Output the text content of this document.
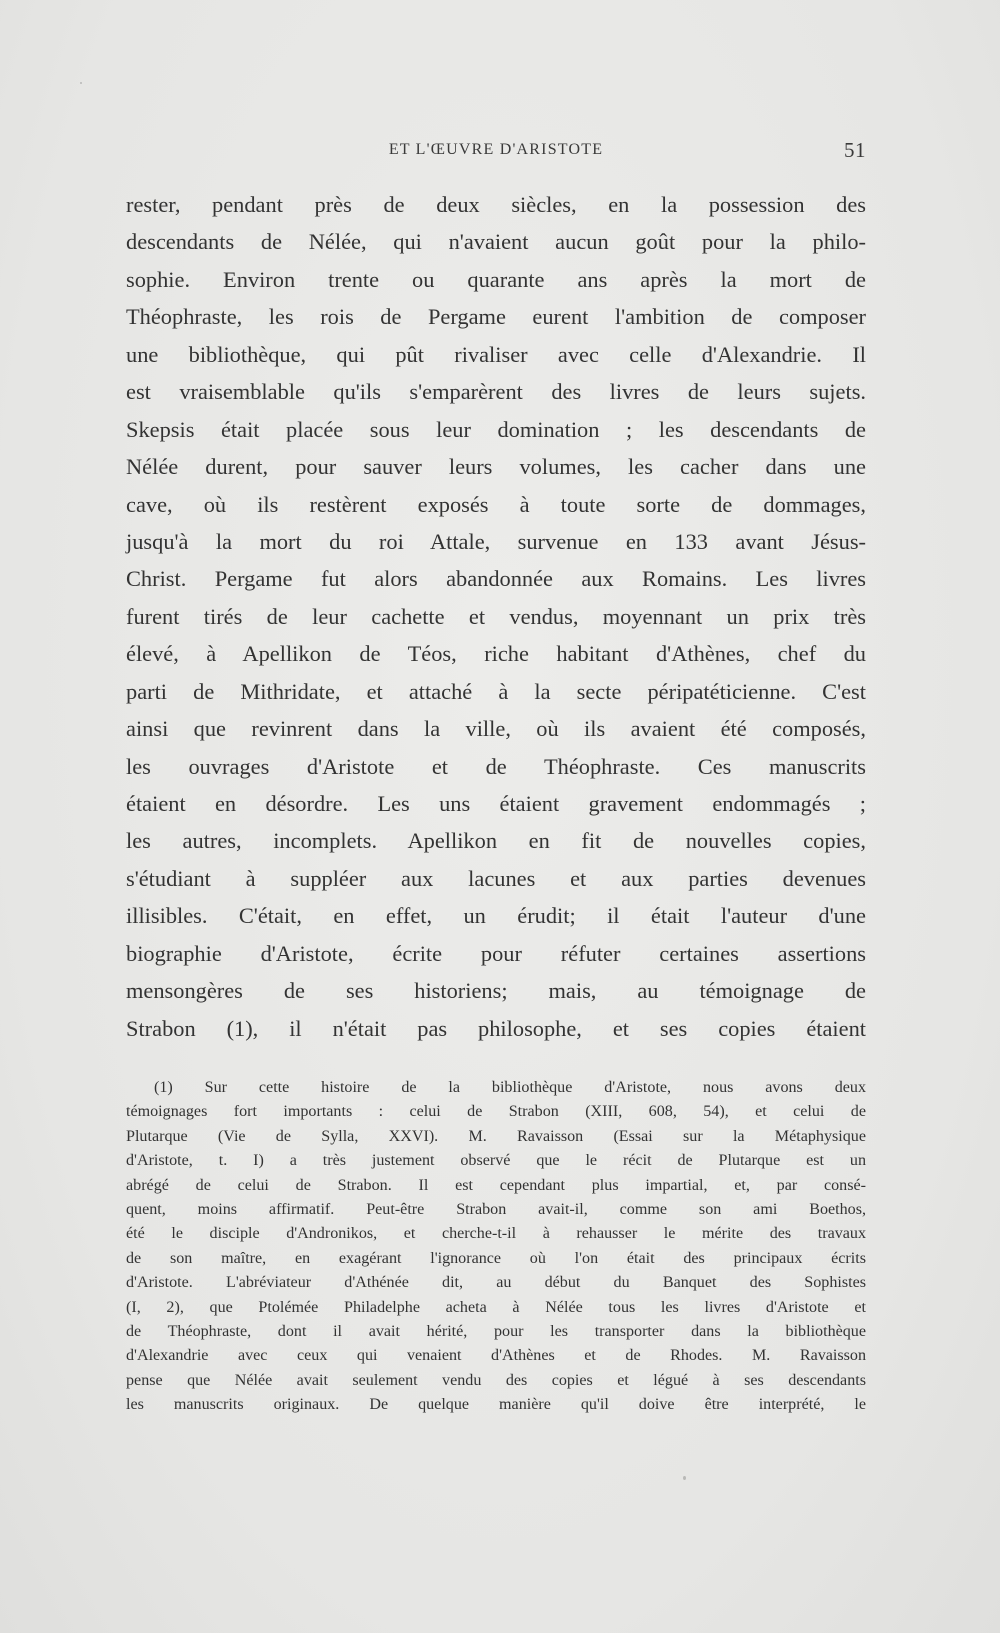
ET L'ŒUVRE D'ARISTOTE	51
rester, pendant près de deux siècles, en la possession des
descendants de Nélée, qui n'avaient aucun goût pour la philo-
sophie. Environ trente ou quarante ans après la mort de
Théophraste, les rois de Pergame eurent l'ambition de composer
une bibliothèque, qui pût rivaliser avec celle d'Alexandrie. Il
est vraisemblable qu'ils s'emparèrent des livres de leurs sujets.
Skepsis était placée sous leur domination ; les descendants de
Nélée durent, pour sauver leurs volumes, les cacher dans une
cave, où ils restèrent exposés à toute sorte de dommages,
jusqu'à la mort du roi Attale, survenue en 133 avant Jésus-
Christ. Pergame fut alors abandonnée aux Romains. Les livres
furent tirés de leur cachette et vendus, moyennant un prix très
élevé, à Apellikon de Téos, riche habitant d'Athènes, chef du
parti de Mithridate, et attaché à la secte péripatéticienne. C'est
ainsi que revinrent dans la ville, où ils avaient été composés,
les ouvrages d'Aristote et de Théophraste. Ces manuscrits
étaient en désordre. Les uns étaient gravement endommagés ;
les autres, incomplets. Apellikon en fit de nouvelles copies,
s'étudiant à suppléer aux lacunes et aux parties devenues
illisibles. C'était, en effet, un érudit; il était l'auteur d'une
biographie d'Aristote, écrite pour réfuter certaines assertions
mensongères de ses historiens; mais, au témoignage de
Strabon (1), il n'était pas philosophe, et ses copies étaient
(1) Sur cette histoire de la bibliothèque d'Aristote, nous avons deux
témoignages fort importants : celui de Strabon (XIII, 608, 54), et celui de
Plutarque (Vie de Sylla, XXVI). M. Ravaisson (Essai sur la Métaphysique
d'Aristote, t. I) a très justement observé que le récit de Plutarque est un
abrégé de celui de Strabon. Il est cependant plus impartial, et, par consé-
quent, moins affirmatif. Peut-être Strabon avait-il, comme son ami Boethos,
été le disciple d'Andronikos, et cherche-t-il à rehausser le mérite des travaux
de son maître, en exagérant l'ignorance où l'on était des principaux écrits
d'Aristote. L'abréviateur d'Athénée dit, au début du Banquet des Sophistes
(I, 2), que Ptolémée Philadelphe acheta à Nélée tous les livres d'Aristote et
de Théophraste, dont il avait hérité, pour les transporter dans la bibliothèque
d'Alexandrie avec ceux qui venaient d'Athènes et de Rhodes. M. Ravaisson
pense que Nélée avait seulement vendu des copies et légué à ses descendants
les manuscrits originaux. De quelque manière qu'il doive être interprété, le
